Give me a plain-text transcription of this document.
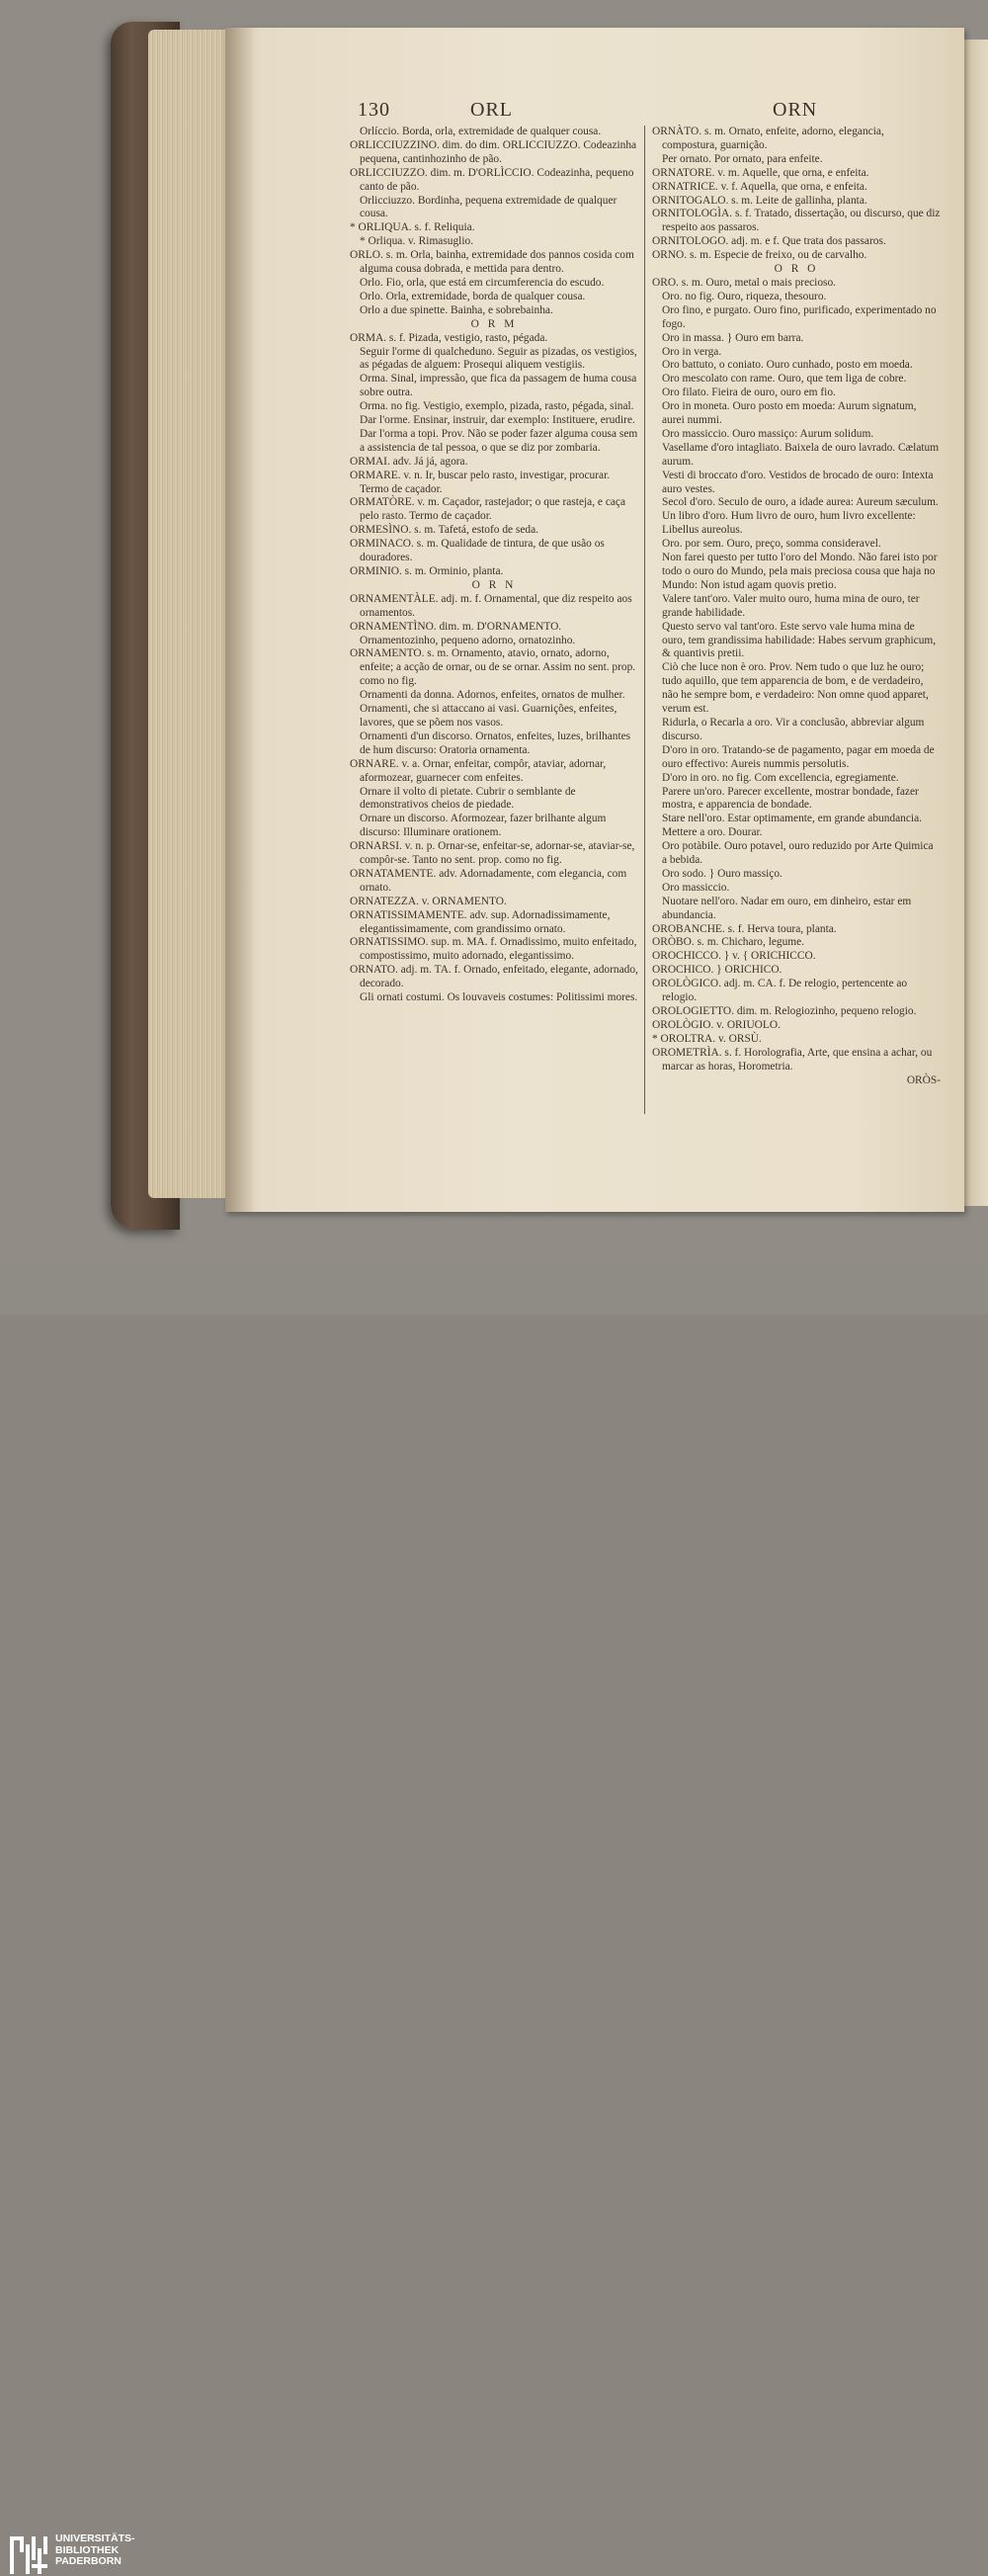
130	ORL	ORN

Orlíccio. Borda, orla, extremidade de qualquer cousa.

ORLICCIUZZINO. dim. do dim. ORLICCIUZZO. Codeazinha pequena, cantinhozinho de pão.

ORLICCIUZZO. dim. m. D'ORLÌCCIO. Codeazinha, pequeno canto de pão.

Orlicciuzzo. Bordinha, pequena extremidade de qualquer cousa.

* ORLIQUA. s. f. Reliquia.

* Orliqua. v. Rimasuglio.

ORLO. s. m. Orla, bainha, extremidade dos pannos cosida com alguma cousa dobrada, e mettida para dentro.

Orlo. Fio, orla, que está em circumferencia do escudo.

Orlo. Orla, extremidade, borda de qualquer cousa.

Orlo a due spinette. Bainha, e sobrebainha.

O R M

ORMA. s. f. Pizada, vestigio, rasto, pégada.

Seguir l'orme di qualcheduno. Seguir as pizadas, os vestigios, as pégadas de alguem: Prosequi aliquem vestigiis.

Orma. Sinal, impressão, que fica da passagem de huma cousa sobre outra.

Orma. no fig. Vestigio, exemplo, pizada, rasto, pégada, sinal.

Dar l'orme. Ensinar, instruir, dar exemplo: Instituere, erudire.

Dar l'orma a topi. Prov. Não se poder fazer alguma cousa sem a assistencia de tal pessoa, o que se diz por zombaria.

ORMAI. adv. Já já, agora.

ORMARE. v. n. Ir, buscar pelo rasto, investigar, procurar. Termo de caçador.

ORMATÒRE. v. m. Caçador, rastejador; o que rasteja, e caça pelo rasto. Termo de caçador.

ORMESÌNO. s. m. Tafetá, estofo de seda.

ORMINACO. s. m. Qualidade de tintura, de que usão os douradores.

ORMINIO. s. m. Orminio, planta.

O R N

ORNAMENTÀLE. adj. m. f. Ornamental, que diz respeito aos ornamentos.

ORNAMENTÌNO. dim. m. D'ORNAMENTO. Ornamentozinho, pequeno adorno, ornatozinho.

ORNAMENTO. s. m. Ornamento, atavio, ornato, adorno, enfeite; a acção de ornar, ou de se ornar. Assim no sent. prop. como no fig.

Ornamenti da donna. Adornos, enfeites, ornatos de mulher.

Ornamenti, che si attaccano ai vasi. Guarnições, enfeites, lavores, que se põem nos vasos.

Ornamenti d'un discorso. Ornatos, enfeites, luzes, brilhantes de hum discurso: Oratoria ornamenta.

ORNARE. v. a. Ornar, enfeitar, compôr, ataviar, adornar, aformozear, guarnecer com enfeites.

Ornare il volto di pietate. Cubrir o semblante de demonstrativos cheios de piedade.

Ornare un discorso. Aformozear, fazer brilhante algum discurso: Illuminare orationem.

ORNARSI. v. n. p. Ornar-se, enfeitar-se, adornar-se, ataviar-se, compôr-se. Tanto no sent. prop. como no fig.

ORNATAMENTE. adv. Adornadamente, com elegancia, com ornato.

ORNATEZZA. v. ORNAMENTO.

ORNATISSIMAMENTE. adv. sup. Adornadissimamente, elegantissimamente, com grandissimo ornato.

ORNATISSIMO. sup. m. MA. f. Ornadissimo, muito enfeitado, compostissimo, muito adornado, elegantissimo.

ORNATO. adj. m. TA. f. Ornado, enfeitado, elegante, adornado, decorado.

Gli ornati costumi. Os louvaveis costumes: Politissimi mores.

ORNÀTO. s. m. Ornato, enfeite, adorno, elegancia, compostura, guarnição.

Per ornato. Por ornato, para enfeite.

ORNATORE. v. m. Aquelle, que orna, e enfeita.

ORNATRICE. v. f. Aquella, que orna, e enfeita.

ORNITOGALO. s. m. Leite de gallinha, planta.

ORNITOLOGÌA. s. f. Tratado, dissertação, ou discurso, que diz respeito aos passaros.

ORNITOLOGO. adj. m. e f. Que trata dos passaros.

ORNO. s. m. Especie de freixo, ou de carvalho.

O R O

ORO. s. m. Ouro, metal o mais precioso.

Oro. no fig. Ouro, riqueza, thesouro.

Oro fino, e purgato. Ouro fino, purificado, experimentado no fogo.

Oro in massa. } Ouro em barra.

Oro in verga.

Oro battuto, o coniato. Ouro cunhado, posto em moeda.

Oro mescolato con rame. Ouro, que tem liga de cobre.

Oro filato. Fieira de ouro, ouro em fio.

Oro in moneta. Ouro posto em moeda: Aurum signatum, aurei nummi.

Oro massiccio. Ouro massiço: Aurum solidum.

Vasellame d'oro intagliato. Baixela de ouro lavrado. Cælatum aurum.

Vesti di broccato d'oro. Vestidos de brocado de ouro: Intexta auro vestes.

Secol d'oro. Seculo de ouro, a idade aurea: Aureum sæculum.

Un libro d'oro. Hum livro de ouro, hum livro excellente: Libellus aureolus.

Oro. por sem. Ouro, preço, somma consideravel.

Non farei questo per tutto l'oro del Mondo. Não farei isto por todo o ouro do Mundo, pela mais preciosa cousa que haja no Mundo: Non istud agam quovis pretio.

Valere tant'oro. Valer muito ouro, huma mina de ouro, ter grande habilidade.

Questo servo val tant'oro. Este servo vale huma mina de ouro, tem grandissima habilidade: Habes servum graphicum, & quantivis pretii.

Ciò che luce non è oro. Prov. Nem tudo o que luz he ouro; tudo aquillo, que tem apparencia de bom, e de verdadeiro, não he sempre bom, e verdadeiro: Non omne quod apparet, verum est.

Ridurla, o Recarla a oro. Vir a conclusão, abbreviar algum discurso.

D'oro in oro. Tratando-se de pagamento, pagar em moeda de ouro effectivo: Aureis nummis persolutis.

D'oro in oro. no fig. Com excellencia, egregiamente.

Parere un'oro. Parecer excellente, mostrar bondade, fazer mostra, e apparencia de bondade.

Stare nell'oro. Estar optimamente, em grande abundancia.

Mettere a oro. Dourar.

Oro potàbile. Ouro potavel, ouro reduzido por Arte Quimica a bebida.

Oro sodo. } Ouro massiço.

Oro massiccio.

Nuotare nell'oro. Nadar em ouro, em dinheiro, estar em abundancia.

OROBANCHE. s. f. Herva toura, planta.

ORÒBO. s. m. Chicharo, legume.

OROCHICCO. } v. { ORICHICCO.

OROCHICO. } ORICHICO.

OROLÒGICO. adj. m. CA. f. De relogio, pertencente ao relogio.

OROLOGIETTO. dim. m. Relogiozinho, pequeno relogio.

OROLÒGIO. v. ORIUOLO.

* OROLTRA. v. ORSÙ.

OROMETRÌA. s. f. Horolografia, Arte, que ensina a achar, ou marcar as horas, Horometria.

ORÒS-

UNIVERSITÄTS-
BIBLIOTHEK
PADERBORN
